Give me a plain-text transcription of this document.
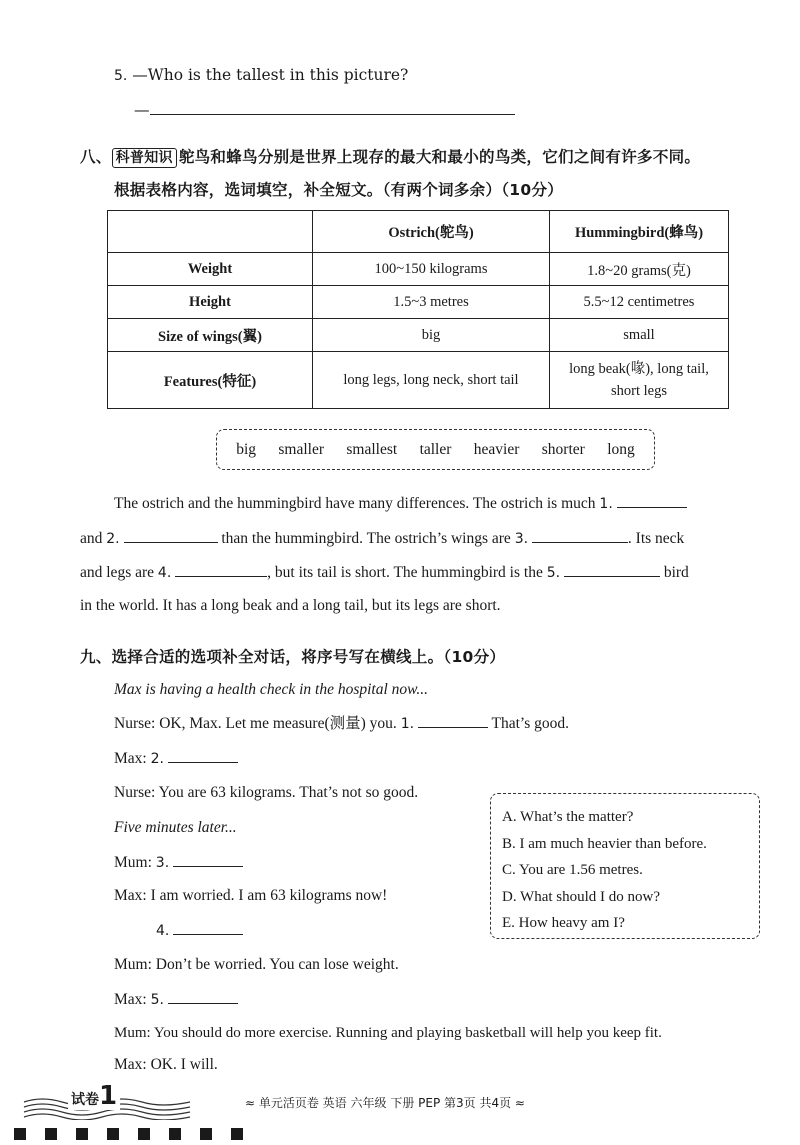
5. —Who is the tallest in this picture?
—
八、 科普知识 鸵鸟和蜂鸟分别是世界上现存的最大和最小的鸟类，它们之间有许多不同。
根据表格内容，选词填空，补全短文。（有两个词多余）（10分）
	Ostrich(鸵鸟)	Hummingbird(蜂鸟)
Weight	100~150 kilograms	1.8~20 grams(克)
Height	1.5~3 metres	5.5~12 centimetres
Size of wings(翼)	big	small
Features(特征)	long legs, long neck, short tail	long beak(喙), long tail, short legs
big smaller smallest taller heavier shorter long
The ostrich and the hummingbird have many differences. The ostrich is much 1.
and 2.	than the hummingbird. The ostrich’s wings are 3.	. Its neck
and legs are 4.	, but its tail is short. The hummingbird is the 5.	bird
in the world. It has a long beak and a long tail, but its legs are short.
九、选择合适的选项补全对话，将序号写在横线上。（10分）
Max is having a health check in the hospital now...
Nurse: OK, Max. Let me measure(测量) you. 1.	That’s good.
Max: 2.
Nurse: You are 63 kilograms. That’s not so good.
Five minutes later...
Mum: 3.
Max: I am worried. I am 63 kilograms now!
4.
Mum: Don’t be worried. You can lose weight.
Max: 5.
Mum: You should do more exercise. Running and playing basketball will help you keep fit.
Max: OK. I will.
A. What’s the matter?
B. I am much heavier than before.
C. You are 1.56 metres.
D. What should I do now?
E. How heavy am I?
试卷1	≈ 单元活页卷 英语 六年级 下册 PEP 第3页 共4页 ≈
